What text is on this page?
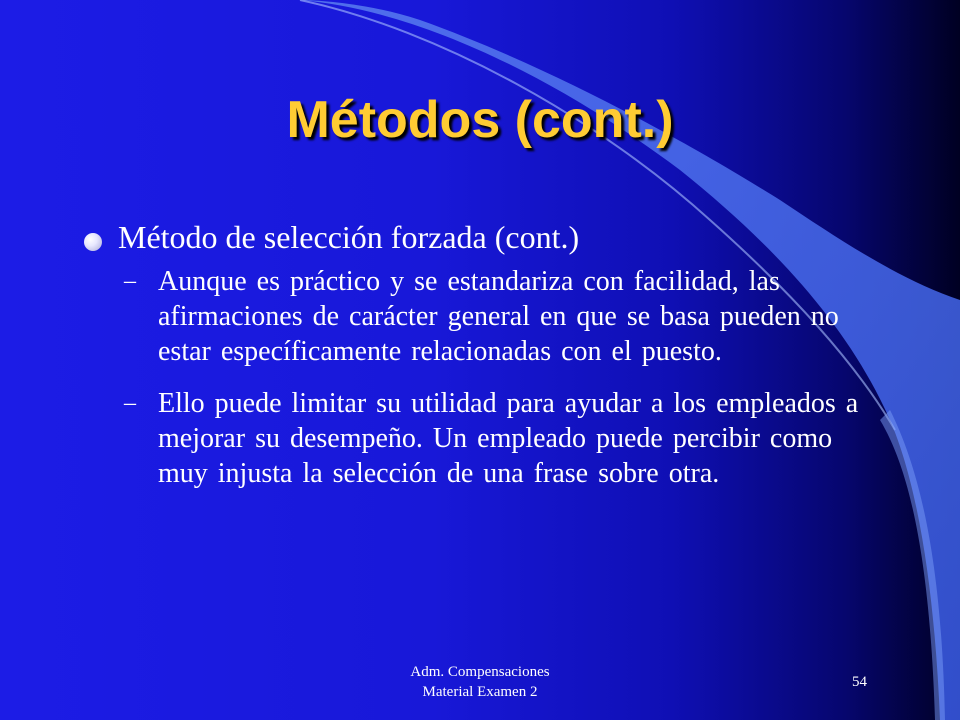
Métodos (cont.)
Método de selección forzada (cont.)
– Aunque es práctico y se estandariza con facilidad, las afirmaciones de carácter general en que se basa pueden no estar específicamente relacionadas con el puesto.
– Ello puede limitar su utilidad para ayudar a los empleados a mejorar su desempeño. Un empleado puede percibir como muy injusta la selección de una frase sobre otra.
Adm. Compensaciones
Material Examen 2
54
